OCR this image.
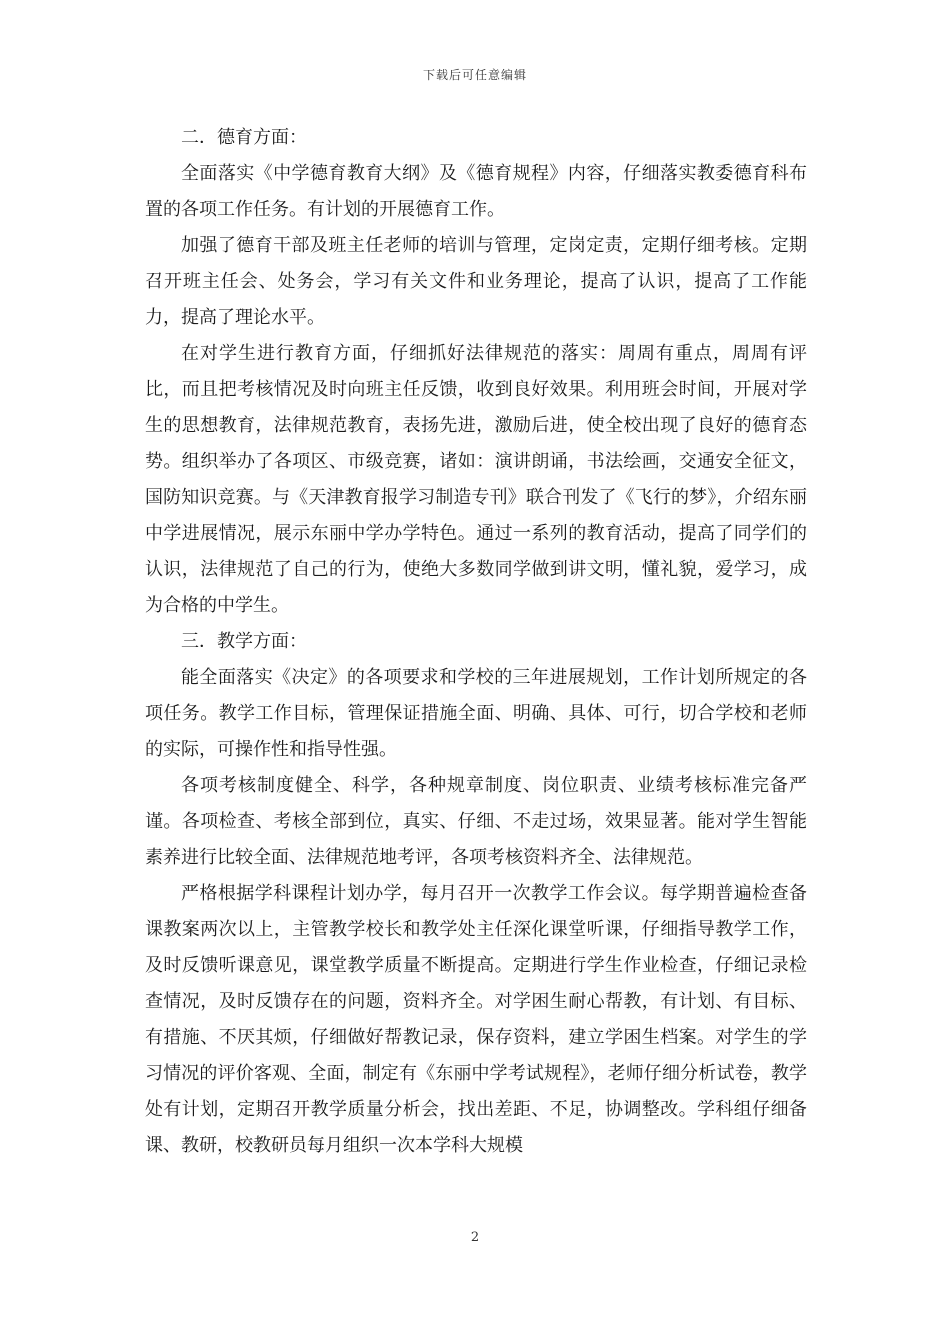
下载后可任意编辑

二．德育方面：

全面落实《中学德育教育大纲》及《德育规程》内容，仔细落实教委德育科布置的各项工作任务。有计划的开展德育工作。

加强了德育干部及班主任老师的培训与管理，定岗定责，定期仔细考核。定期召开班主任会、处务会，学习有关文件和业务理论，提高了认识，提高了工作能力，提高了理论水平。

在对学生进行教育方面，仔细抓好法律规范的落实：周周有重点，周周有评比，而且把考核情况及时向班主任反馈，收到良好效果。利用班会时间，开展对学生的思想教育，法律规范教育，表扬先进，激励后进，使全校出现了良好的德育态势。组织举办了各项区、市级竞赛，诸如：演讲朗诵，书法绘画，交通安全征文，国防知识竞赛。与《天津教育报学习制造专刊》联合刊发了《飞行的梦》，介绍东丽中学进展情况，展示东丽中学办学特色。通过一系列的教育活动，提高了同学们的认识，法律规范了自己的行为，使绝大多数同学做到讲文明，懂礼貌，爱学习，成为合格的中学生。

三．教学方面：

能全面落实《决定》的各项要求和学校的三年进展规划，工作计划所规定的各项任务。教学工作目标，管理保证措施全面、明确、具体、可行，切合学校和老师的实际，可操作性和指导性强。

各项考核制度健全、科学，各种规章制度、岗位职责、业绩考核标准完备严谨。各项检查、考核全部到位，真实、仔细、不走过场，效果显著。能对学生智能素养进行比较全面、法律规范地考评，各项考核资料齐全、法律规范。

严格根据学科课程计划办学，每月召开一次教学工作会议。每学期普遍检查备课教案两次以上，主管教学校长和教学处主任深化课堂听课，仔细指导教学工作，及时反馈听课意见，课堂教学质量不断提高。定期进行学生作业检查，仔细记录检查情况，及时反馈存在的问题，资料齐全。对学困生耐心帮教，有计划、有目标、有措施、不厌其烦，仔细做好帮教记录，保存资料，建立学困生档案。对学生的学习情况的评价客观、全面，制定有《东丽中学考试规程》，老师仔细分析试卷，教学处有计划，定期召开教学质量分析会，找出差距、不足，协调整改。学科组仔细备课、教研，校教研员每月组织一次本学科大规模

2
